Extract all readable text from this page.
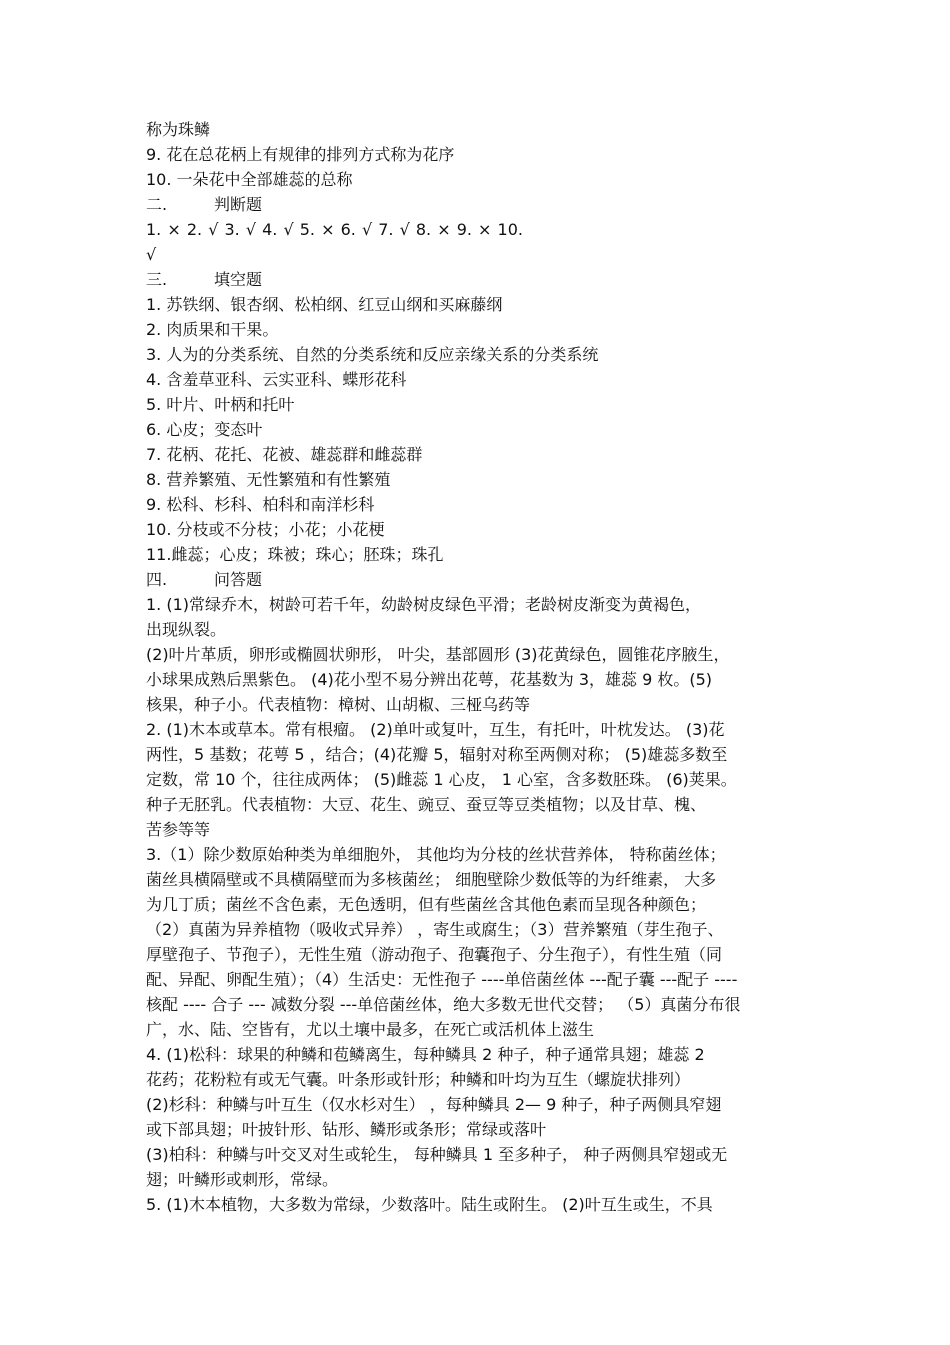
称为珠鳞
9. 花在总花柄上有规律的排列方式称为花序
10. 一朵花中全部雄蕊的总称
二.	判断题
1. × 2. √ 3. √ 4. √ 5. × 6. √ 7. √ 8. × 9. × 10.
√
三.	填空题
1. 苏铁纲、银杏纲、松柏纲、红豆山纲和买麻藤纲
2. 肉质果和干果。
3. 人为的分类系统、自然的分类系统和反应亲缘关系的分类系统
4. 含羞草亚科、云实亚科、蝶形花科
5. 叶片、叶柄和托叶
6. 心皮；变态叶
7. 花柄、花托、花被、雄蕊群和雌蕊群
8. 营养繁殖、无性繁殖和有性繁殖
9. 松科、杉科、柏科和南洋杉科
10. 分枝或不分枝；小花；小花梗
11.雌蕊；心皮；珠被；珠心；胚珠；珠孔
四.	问答题
1. (1)常绿乔木，树龄可若千年，幼龄树皮绿色平滑；老龄树皮渐变为黄褐色，
出现纵裂。
(2)叶片革质，卵形或椭圆状卵形， 叶尖，基部圆形 (3)花黄绿色，圆锥花序腋生，
小球果成熟后黑紫色。 (4)花小型不易分辨出花萼，花基数为 3，雄蕊 9 枚。(5)
核果，种子小。代表植物：樟树、山胡椒、三桠乌药等
2. (1)木本或草本。常有根瘤。 (2)单叶或复叶，互生，有托叶，叶枕发达。 (3)花
两性，5 基数；花萼 5 ，结合；(4)花瓣 5，辐射对称至两侧对称； (5)雄蕊多数至
定数，常 10 个，往往成两体； (5)雌蕊 1 心皮， 1 心室，含多数胚珠。 (6)荚果。
种子无胚乳。代表植物：大豆、花生、豌豆、蚕豆等豆类植物；以及甘草、槐、
苦参等等
3.（1）除少数原始种类为单细胞外， 其他均为分枝的丝状营养体， 特称菌丝体；
菌丝具横隔壁或不具横隔壁而为多核菌丝； 细胞壁除少数低等的为纤维素， 大多
为几丁质；菌丝不含色素，无色透明，但有些菌丝含其他色素而呈现各种颜色；
（2）真菌为异养植物（吸收式异养） ，寄生或腐生；（3）营养繁殖（芽生孢子、
厚壁孢子、节孢子），无性生殖（游动孢子、孢囊孢子、分生孢子），有性生殖（同
配、异配、卵配生殖）；（4）生活史：无性孢子 ----单倍菌丝体 ---配子囊 ---配子 ----
核配 ---- 合子 --- 减数分裂 ---单倍菌丝体，绝大多数无世代交替； （5）真菌分布很
广，水、陆、空皆有，尤以土壤中最多，在死亡或活机体上滋生
4. (1)松科：球果的种鳞和苞鳞离生，每种鳞具 2 种子，种子通常具翅；雄蕊 2
花药；花粉粒有或无气囊。叶条形或针形；种鳞和叶均为互生（螺旋状排列）
(2)杉科：种鳞与叶互生（仅水杉对生） ，每种鳞具 2— 9 种子，种子两侧具窄翅
或下部具翅；叶披针形、钻形、鳞形或条形；常绿或落叶
(3)柏科：种鳞与叶交叉对生或轮生， 每种鳞具 1 至多种子， 种子两侧具窄翅或无
翅；叶鳞形或刺形，常绿。
5. (1)木本植物，大多数为常绿，少数落叶。陆生或附生。 (2)叶互生或生，不具
